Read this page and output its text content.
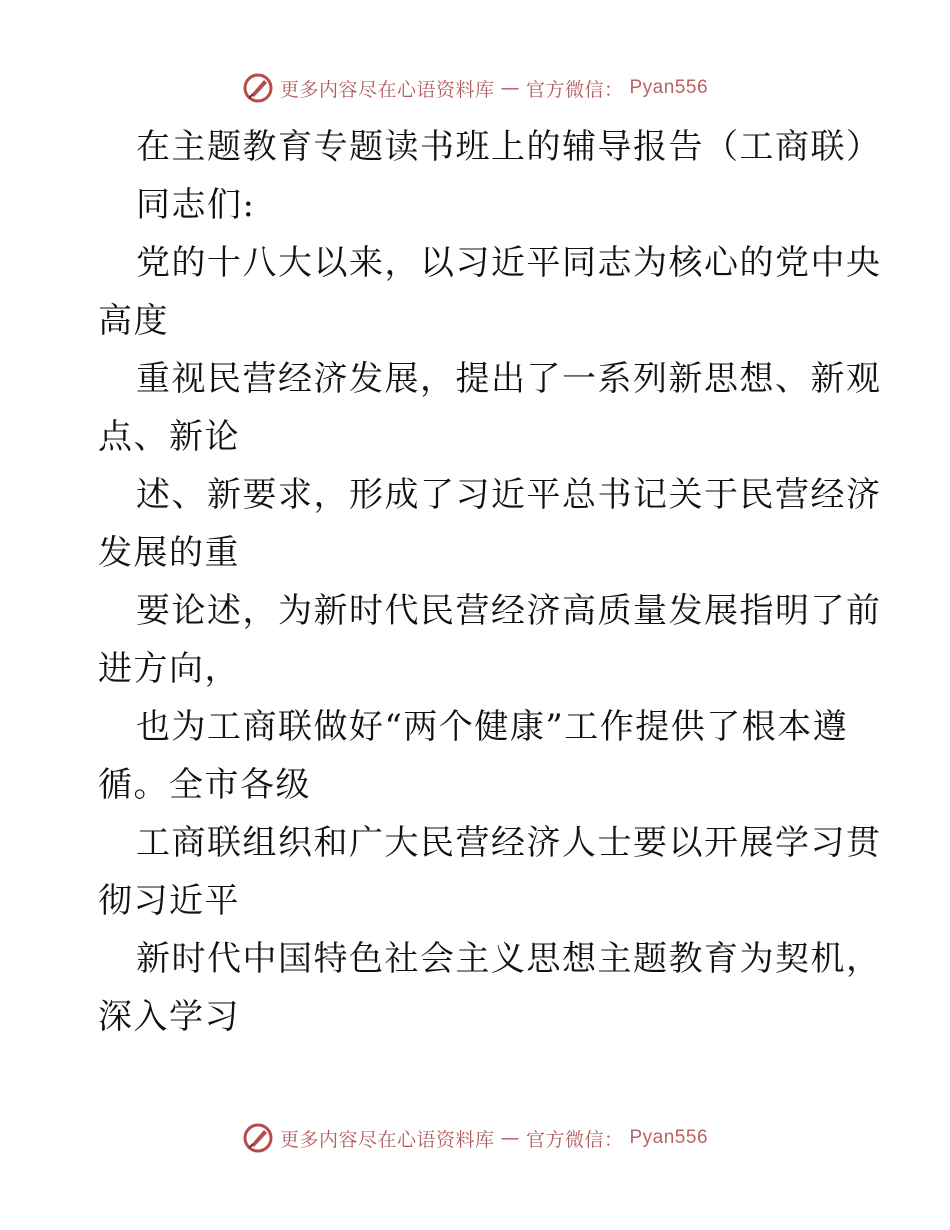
更多内容尽在心语资料库 — 官方微信： Pyan556
在主题教育专题读书班上的辅导报告（工商联）
同志们:
党的十八大以来，以习近平同志为核心的党中央
高度
重视民营经济发展，提出了一系列新思想、新观
点、新论
述、新要求，形成了习近平总书记关于民营经济
发展的重
要论述，为新时代民营经济高质量发展指明了前
进方向，
也为工商联做好“两个健康”工作提供了根本遵
循。全市各级
工商联组织和广大民营经济人士要以开展学习贯
彻习近平
新时代中国特色社会主义思想主题教育为契机，
深入学习
更多内容尽在心语资料库 — 官方微信： Pyan556
